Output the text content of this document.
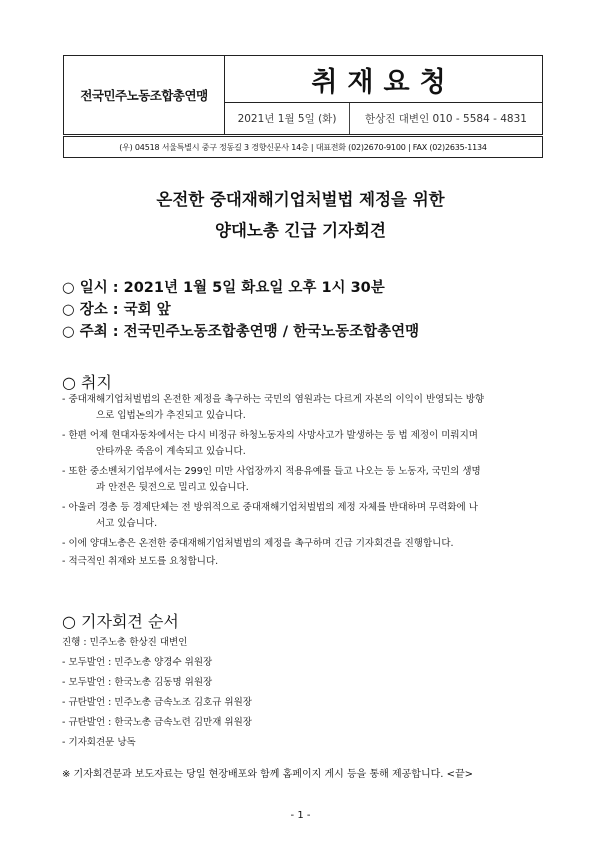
전국민주노동조합총연맹	취재요청
2021년 1월 5일 (화)	한상진 대변인 010 - 5584 - 4831
(우) 04518 서울특별시 중구 정동길 3 경향신문사 14층 | 대표전화 (02)2670-9100 | FAX (02)2635-1134
온전한 중대재해기업처벌법 제정을 위한
양대노총 긴급 기자회견
○ 일시 : 2021년 1월 5일 화요일 오후 1시 30분
○ 장소 : 국회 앞
○ 주최 : 전국민주노동조합총연맹 / 한국노동조합총연맹
○ 취지
- 중대재해기업처벌법의 온전한 제정을 촉구하는 국민의 염원과는 다르게 자본의 이익이 반영되는 방향
으로 입법논의가 추진되고 있습니다.
- 한편 어제 현대자동차에서는 다시 비정규 하청노동자의 사망사고가 발생하는 등 법 제정이 미뤄지며
안타까운 죽음이 계속되고 있습니다.
- 또한 중소벤처기업부에서는 299인 미만 사업장까지 적용유예를 들고 나오는 등 노동자, 국민의 생명
과 안전은 뒷전으로 밀리고 있습니다.
- 아울러 경총 등 경제단체는 전 방위적으로 중대재해기업처벌법의 제정 자체를 반대하며 무력화에 나
서고 있습니다.
- 이에 양대노총은 온전한 중대재해기업처벌법의 제정을 촉구하며 긴급 기자회견을 진행합니다.
- 적극적인 취재와 보도를 요청합니다.
○ 기자회견 순서
진행 : 민주노총 한상진 대변인
- 모두발언 : 민주노총 양경수 위원장
- 모두발언 : 한국노총 김동명 위원장
- 규탄발언 : 민주노총 금속노조 김호규 위원장
- 규탄발언 : 한국노총 금속노련 김만재 위원장
- 기자회견문 낭독
※ 기자회견문과 보도자료는 당일 현장배포와 함께 홈페이지 게시 등을 통해 제공합니다. <끝>
- 1 -
